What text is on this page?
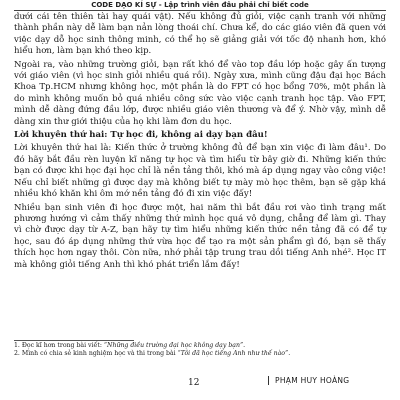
CODE DẠO KÍ SỰ - Lập trình viên đâu phải chỉ biết code

dưới cái tên thiên tài hay quái vật). Nếu không đủ giỏi, việc cạnh tranh với những thành phần này dễ làm bạn nản lòng thoái chí. Chưa kể, do các giáo viên đã quen với việc dạy dỗ học sinh thông minh, có thể họ sẽ giảng giải với tốc độ nhanh hơn, khó hiểu hơn, làm bạn khó theo kịp.

Ngoài ra, vào những trường giỏi, bạn rất khó để vào top đầu lớp hoặc gây ấn tượng với giáo viên (vì học sinh giỏi nhiều quá rồi). Ngày xưa, mình cũng đậu đại học Bách Khoa Tp.HCM nhưng không học, một phần là do FPT có học bổng 70%, một phần là do mình không muốn bỏ quá nhiều công sức vào việc cạnh tranh học tập. Vào FPT, mình dễ dàng đứng đầu lớp, được nhiều giáo viên thương và để ý. Nhờ vậy, mình dễ dàng xin thư giới thiệu của họ khi làm đơn du học.

Lời khuyên thứ hai: Tự học đi, không ai dạy bạn đâu!

Lời khuyên thứ hai là: Kiến thức ở trường không đủ để bạn xin việc đi làm đâu¹. Do đó hãy bắt đầu rèn luyện kĩ năng tự học và tìm hiểu từ bây giờ đi. Những kiến thức bạn có được khi học đại học chỉ là nền tảng thôi, khó mà áp dụng ngay vào công việc! Nếu chỉ biết những gì được dạy mà không biết tự mày mò học thêm, bạn sẽ gặp khá nhiều khó khăn khi ôm mớ nền tảng đó đi xin việc đấy!

Nhiều bạn sinh viên đi học được một, hai năm thì bắt đầu rơi vào tình trạng mất phương hướng vì cảm thấy những thứ mình học quá vô dụng, chẳng để làm gì. Thay vì chờ được dạy từ A-Z, bạn hãy tự tìm hiểu những kiến thức nền tảng đã có để tự học, sau đó áp dụng những thứ vừa học để tạo ra một sản phẩm gì đó, bạn sẽ thấy thích học hơn ngay thôi. Còn nữa, nhớ phải tập trung trau dồi tiếng Anh nhé². Học IT mà không giỏi tiếng Anh thì khó phát triển lắm đấy!

1. Đọc kĩ hơn trong bài viết: “Những điều trường đại học không dạy bạn”.
2. Mình có chia sẻ kinh nghiệm học và thi trong bài “Tôi đã học tiếng Anh như thế nào”.
12	PHẠM HUY HOÀNG
